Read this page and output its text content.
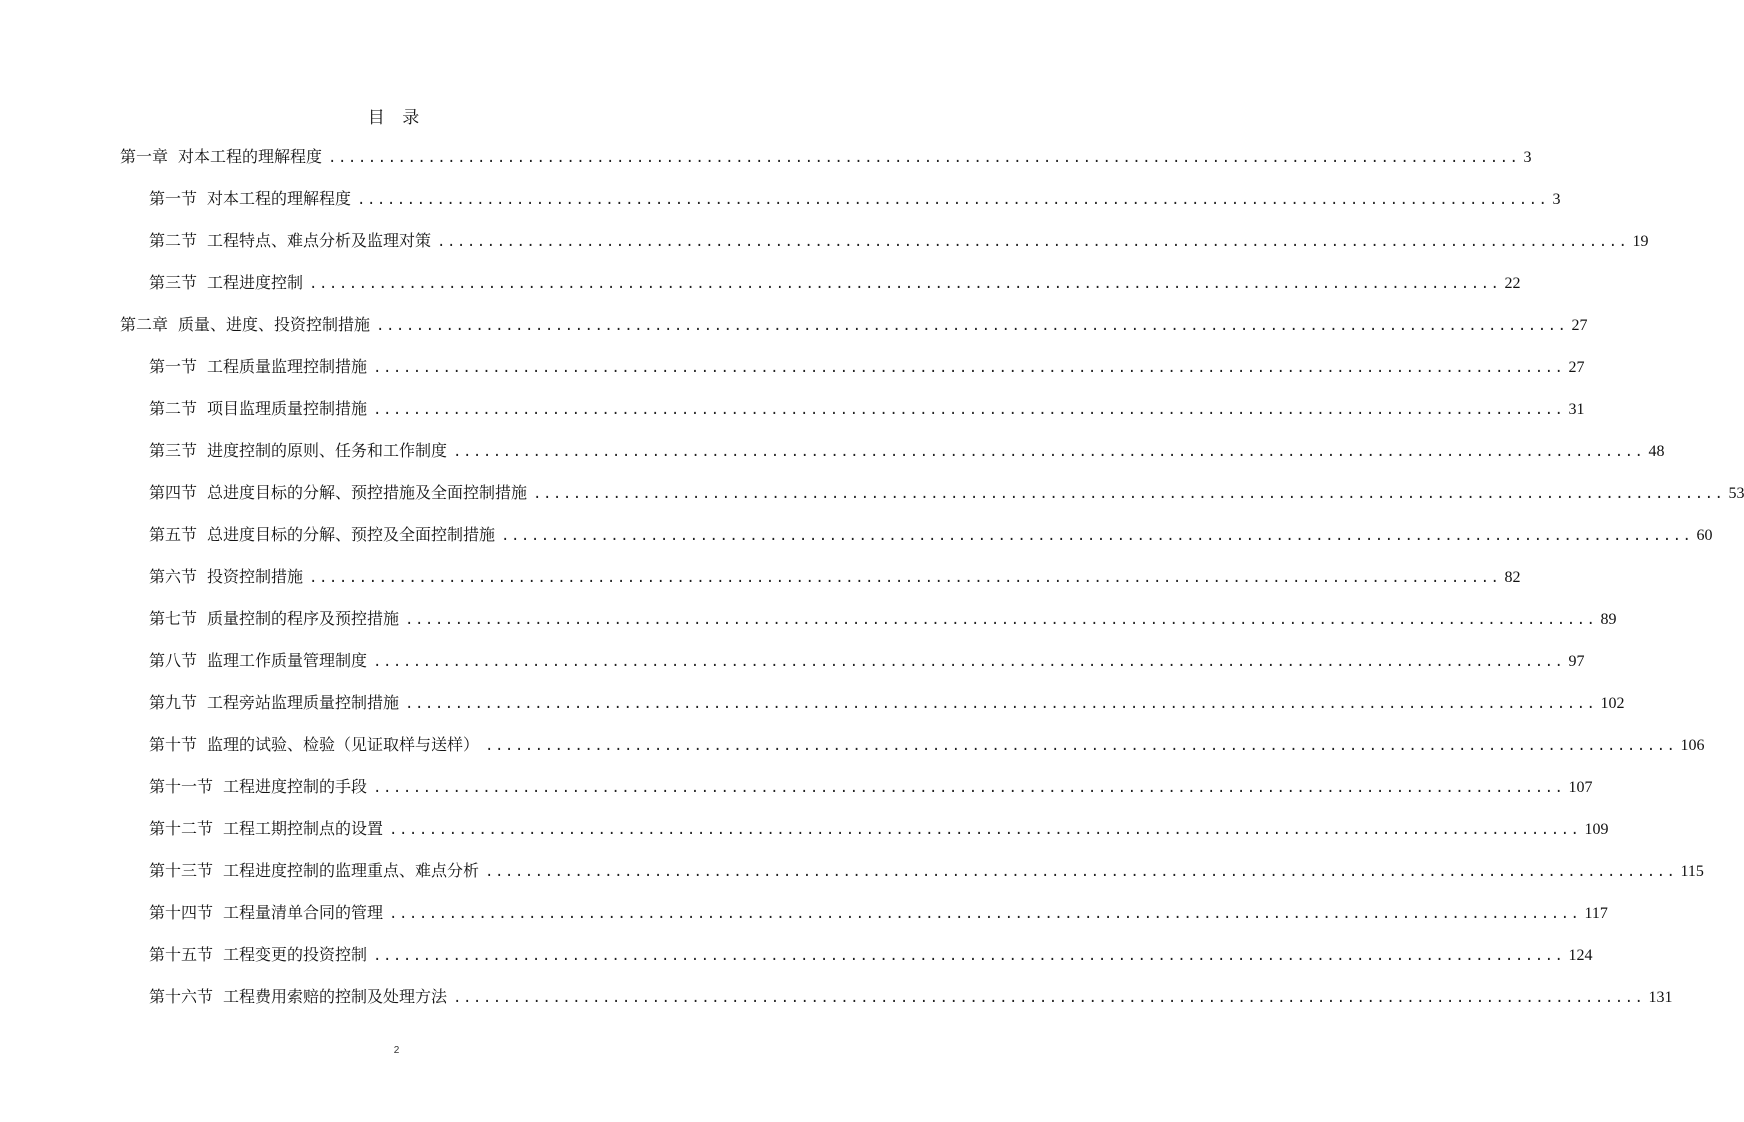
目 录
第一章 对本工程的理解程度 ........................................................................................................................ 3
第一节 对本工程的理解程度 ........................................................................................................................ 3
第二节 工程特点、难点分析及监理对策 ........................................................................................................................ 19
第三节 工程进度控制 ........................................................................................................................ 22
第二章 质量、进度、投资控制措施 ........................................................................................................................ 27
第一节 工程质量监理控制措施 ........................................................................................................................ 27
第二节 项目监理质量控制措施 ........................................................................................................................ 31
第三节 进度控制的原则、任务和工作制度 ........................................................................................................................ 48
第四节 总进度目标的分解、预控措施及全面控制措施 ........................................................................................................................ 53
第五节 总进度目标的分解、预控及全面控制措施 ........................................................................................................................ 60
第六节 投资控制措施 ........................................................................................................................ 82
第七节 质量控制的程序及预控措施 ........................................................................................................................ 89
第八节 监理工作质量管理制度 ........................................................................................................................ 97
第九节 工程旁站监理质量控制措施 ........................................................................................................................ 102
第十节 监理的试验、检验（见证取样与送样） ........................................................................................................................ 106
第十一节 工程进度控制的手段 ........................................................................................................................ 107
第十二节 工程工期控制点的设置 ........................................................................................................................ 109
第十三节 工程进度控制的监理重点、难点分析 ........................................................................................................................ 115
第十四节 工程量清单合同的管理 ........................................................................................................................ 117
第十五节 工程变更的投资控制 ........................................................................................................................ 124
第十六节 工程费用索赔的控制及处理方法 ........................................................................................................................ 131
2
